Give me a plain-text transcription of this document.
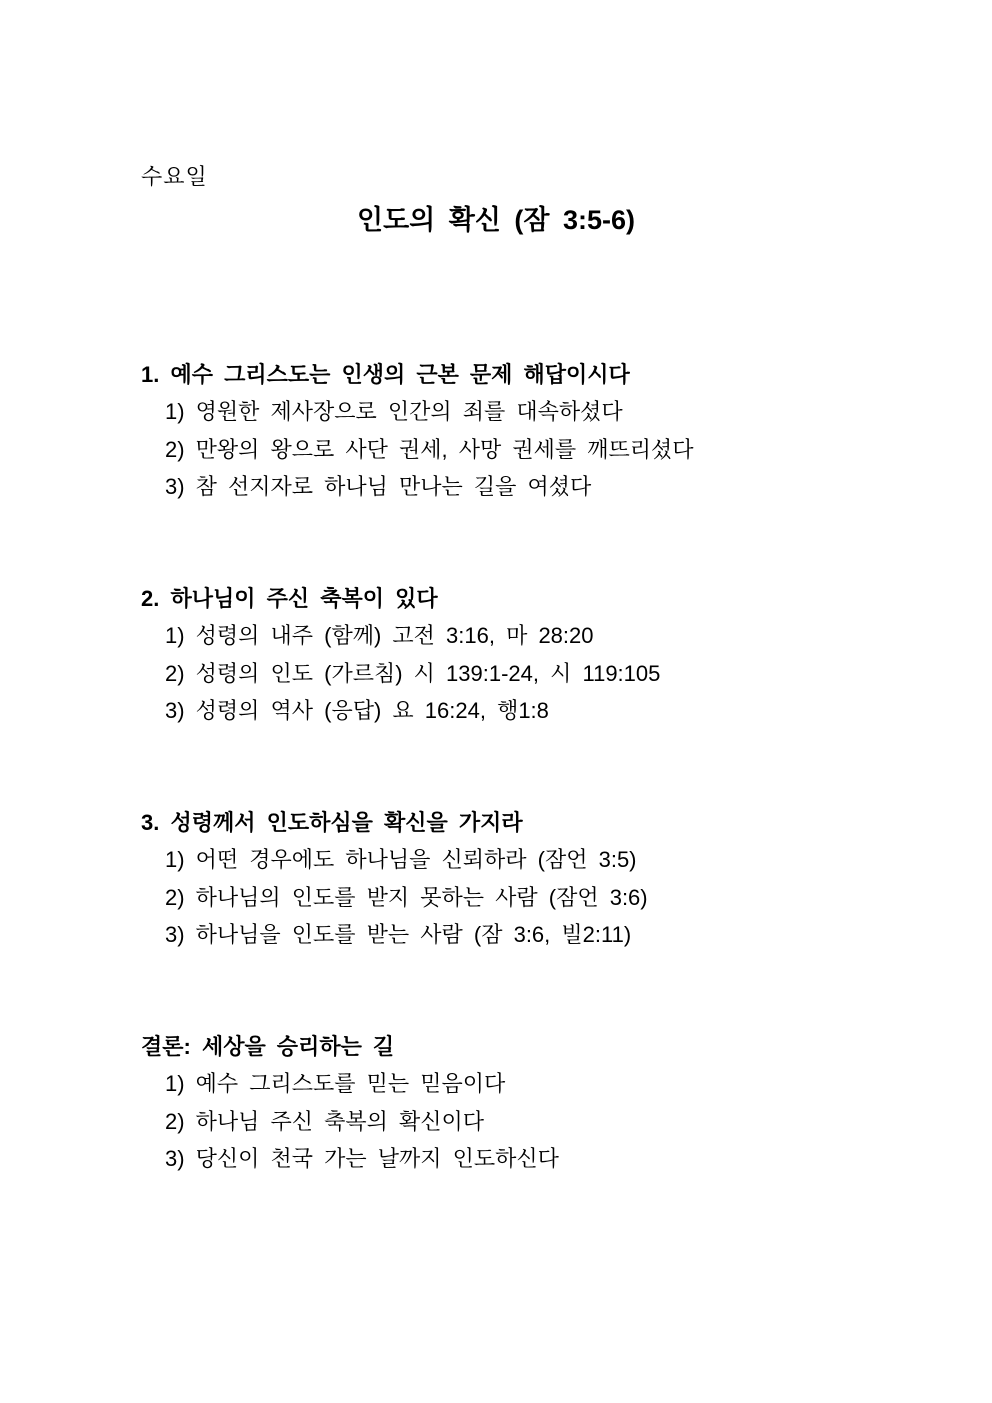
수요일
인도의 확신 (잠 3:5-6)
1. 예수 그리스도는 인생의 근본 문제 해답이시다
1) 영원한 제사장으로 인간의 죄를 대속하셨다
2) 만왕의 왕으로 사단 권세, 사망 권세를 깨뜨리셨다
3) 참 선지자로 하나님 만나는 길을 여셨다
2. 하나님이 주신 축복이 있다
1) 성령의 내주 (함께) 고전 3:16, 마 28:20
2) 성령의 인도 (가르침) 시 139:1-24, 시 119:105
3) 성령의 역사 (응답) 요 16:24, 행1:8
3. 성령께서 인도하심을 확신을 가지라
1) 어떤 경우에도 하나님을 신뢰하라 (잠언 3:5)
2) 하나님의 인도를 받지 못하는 사람 (잠언 3:6)
3) 하나님을 인도를 받는 사람 (잠 3:6, 빌2:11)
결론: 세상을 승리하는 길
1) 예수 그리스도를 믿는 믿음이다
2) 하나님 주신 축복의 확신이다
3) 당신이 천국 가는 날까지 인도하신다
